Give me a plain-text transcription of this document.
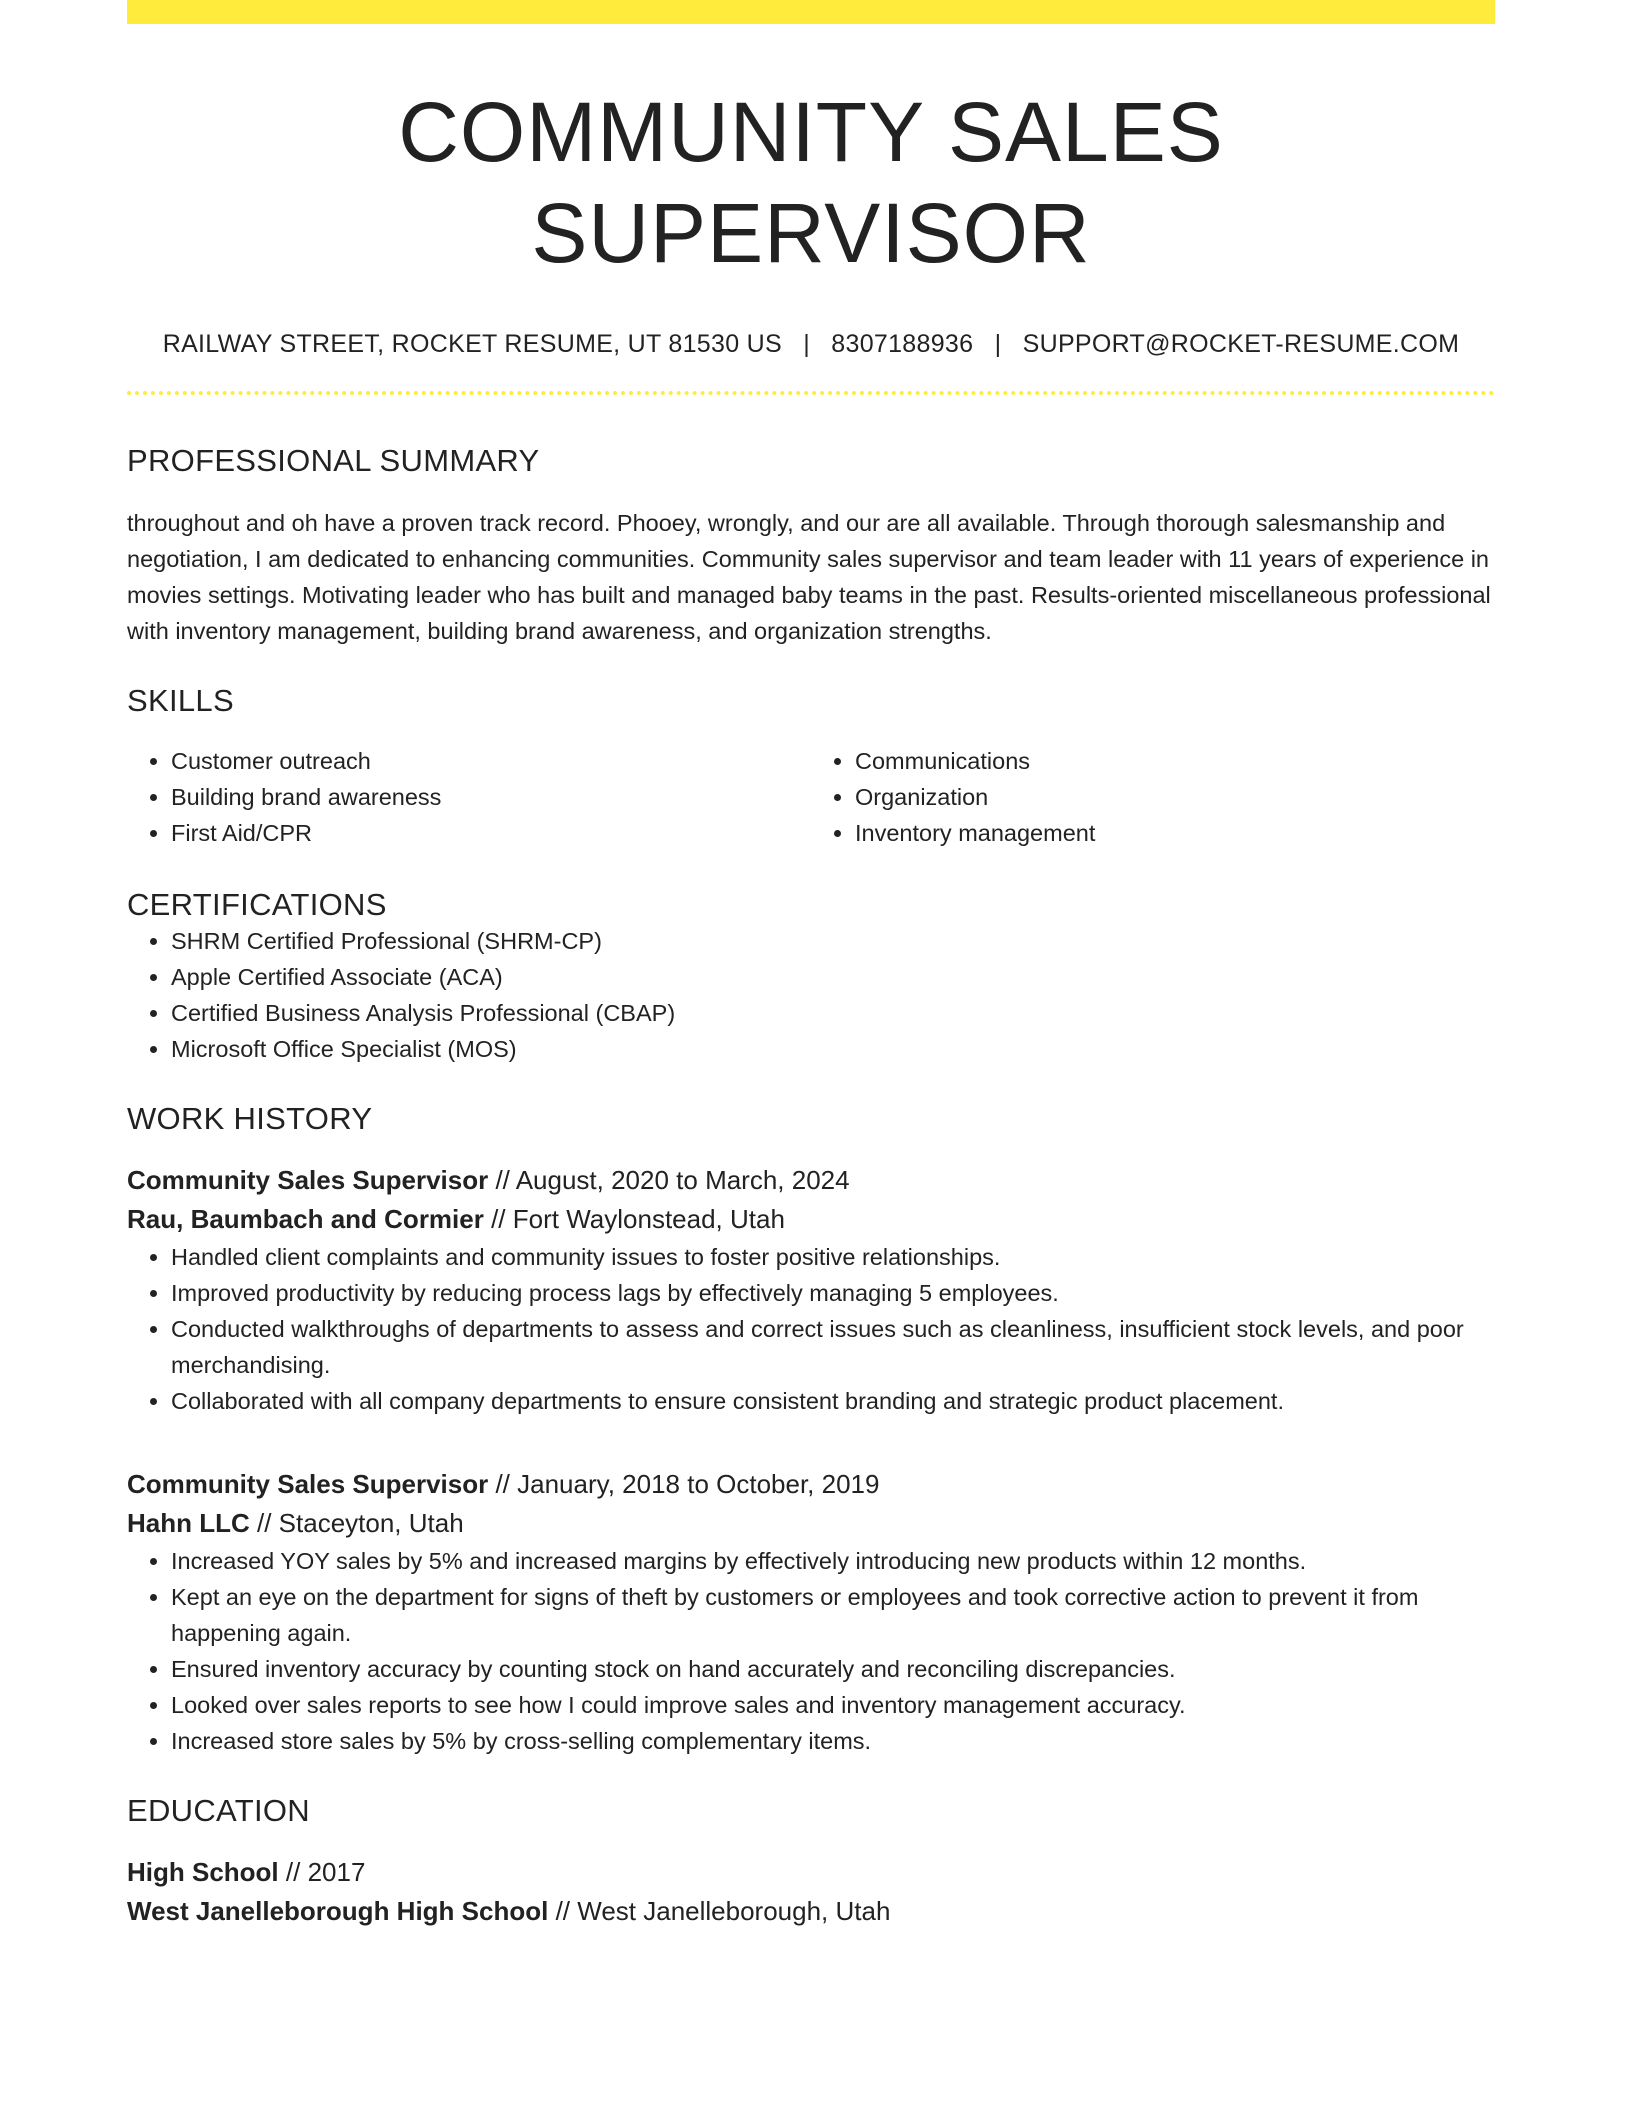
COMMUNITY SALES SUPERVISOR
RAILWAY STREET, ROCKET RESUME, UT 81530 US | 8307188936 | SUPPORT@ROCKET-RESUME.COM
PROFESSIONAL SUMMARY
throughout and oh have a proven track record. Phooey, wrongly, and our are all available. Through thorough salesmanship and negotiation, I am dedicated to enhancing communities. Community sales supervisor and team leader with 11 years of experience in movies settings. Motivating leader who has built and managed baby teams in the past. Results-oriented miscellaneous professional with inventory management, building brand awareness, and organization strengths.
SKILLS
• Customer outreach
• Building brand awareness
• First Aid/CPR
• Communications
• Organization
• Inventory management
CERTIFICATIONS
• SHRM Certified Professional (SHRM-CP)
• Apple Certified Associate (ACA)
• Certified Business Analysis Professional (CBAP)
• Microsoft Office Specialist (MOS)
WORK HISTORY
Community Sales Supervisor // August, 2020 to March, 2024
Rau, Baumbach and Cormier // Fort Waylonstead, Utah
• Handled client complaints and community issues to foster positive relationships.
• Improved productivity by reducing process lags by effectively managing 5 employees.
• Conducted walkthroughs of departments to assess and correct issues such as cleanliness, insufficient stock levels, and poor merchandising.
• Collaborated with all company departments to ensure consistent branding and strategic product placement.
Community Sales Supervisor // January, 2018 to October, 2019
Hahn LLC // Staceyton, Utah
• Increased YOY sales by 5% and increased margins by effectively introducing new products within 12 months.
• Kept an eye on the department for signs of theft by customers or employees and took corrective action to prevent it from happening again.
• Ensured inventory accuracy by counting stock on hand accurately and reconciling discrepancies.
• Looked over sales reports to see how I could improve sales and inventory management accuracy.
• Increased store sales by 5% by cross-selling complementary items.
EDUCATION
High School // 2017
West Janelleborough High School // West Janelleborough, Utah
